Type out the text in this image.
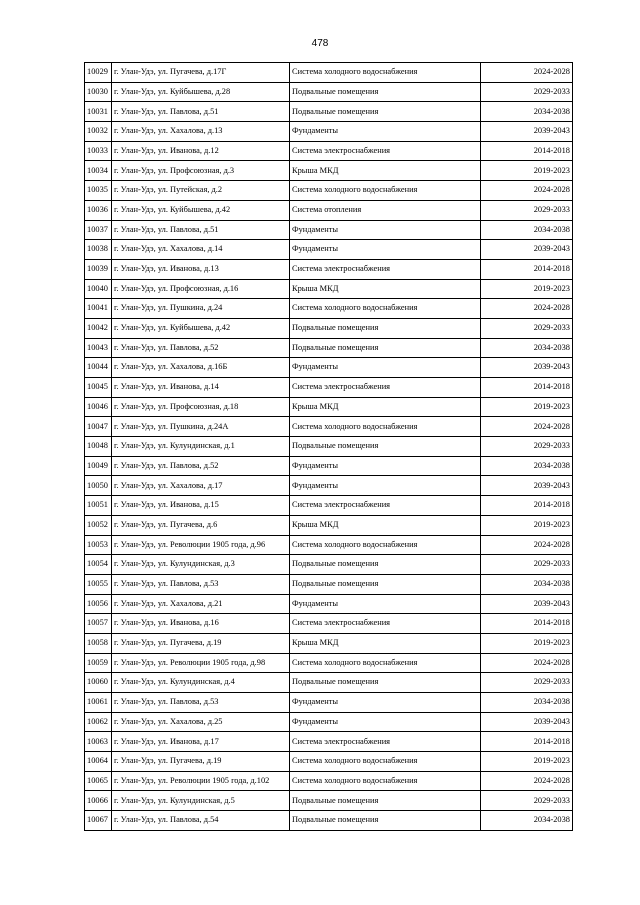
478
10029	г. Улан-Удэ, ул. Пугачева, д.17Г	Система холодного водоснабжения	2024-2028
10030	г. Улан-Удэ, ул. Куйбышева, д.28	Подвальные помещения	2029-2033
10031	г. Улан-Удэ, ул. Павлова, д.51	Подвальные помещения	2034-2038
10032	г. Улан-Удэ, ул. Хахалова, д.13	Фундаменты	2039-2043
10033	г. Улан-Удэ, ул. Иванова, д.12	Система электроснабжения	2014-2018
10034	г. Улан-Удэ, ул. Профсоюзная, д.3	Крыша МКД	2019-2023
10035	г. Улан-Удэ, ул. Путейская, д.2	Система холодного водоснабжения	2024-2028
10036	г. Улан-Удэ, ул. Куйбышева, д.42	Система отопления	2029-2033
10037	г. Улан-Удэ, ул. Павлова, д.51	Фундаменты	2034-2038
10038	г. Улан-Удэ, ул. Хахалова, д.14	Фундаменты	2039-2043
10039	г. Улан-Удэ, ул. Иванова, д.13	Система электроснабжения	2014-2018
10040	г. Улан-Удэ, ул. Профсоюзная, д.16	Крыша МКД	2019-2023
10041	г. Улан-Удэ, ул. Пушкина, д.24	Система холодного водоснабжения	2024-2028
10042	г. Улан-Удэ, ул. Куйбышева, д.42	Подвальные помещения	2029-2033
10043	г. Улан-Удэ, ул. Павлова, д.52	Подвальные помещения	2034-2038
10044	г. Улан-Удэ, ул. Хахалова, д.16Б	Фундаменты	2039-2043
10045	г. Улан-Удэ, ул. Иванова, д.14	Система электроснабжения	2014-2018
10046	г. Улан-Удэ, ул. Профсоюзная, д.18	Крыша МКД	2019-2023
10047	г. Улан-Удэ, ул. Пушкина, д.24А	Система холодного водоснабжения	2024-2028
10048	г. Улан-Удэ, ул. Кулундинская, д.1	Подвальные помещения	2029-2033
10049	г. Улан-Удэ, ул. Павлова, д.52	Фундаменты	2034-2038
10050	г. Улан-Удэ, ул. Хахалова, д.17	Фундаменты	2039-2043
10051	г. Улан-Удэ, ул. Иванова, д.15	Система электроснабжения	2014-2018
10052	г. Улан-Удэ, ул. Пугачева, д.6	Крыша МКД	2019-2023
10053	г. Улан-Удэ, ул. Революции 1905 года, д.96	Система холодного водоснабжения	2024-2028
10054	г. Улан-Удэ, ул. Кулундинская, д.3	Подвальные помещения	2029-2033
10055	г. Улан-Удэ, ул. Павлова, д.53	Подвальные помещения	2034-2038
10056	г. Улан-Удэ, ул. Хахалова, д.21	Фундаменты	2039-2043
10057	г. Улан-Удэ, ул. Иванова, д.16	Система электроснабжения	2014-2018
10058	г. Улан-Удэ, ул. Пугачева, д.19	Крыша МКД	2019-2023
10059	г. Улан-Удэ, ул. Революции 1905 года, д.98	Система холодного водоснабжения	2024-2028
10060	г. Улан-Удэ, ул. Кулундинская, д.4	Подвальные помещения	2029-2033
10061	г. Улан-Удэ, ул. Павлова, д.53	Фундаменты	2034-2038
10062	г. Улан-Удэ, ул. Хахалова, д.25	Фундаменты	2039-2043
10063	г. Улан-Удэ, ул. Иванова, д.17	Система электроснабжения	2014-2018
10064	г. Улан-Удэ, ул. Пугачева, д.19	Система холодного водоснабжения	2019-2023
10065	г. Улан-Удэ, ул. Революции 1905 года, д.102	Система холодного водоснабжения	2024-2028
10066	г. Улан-Удэ, ул. Кулундинская, д.5	Подвальные помещения	2029-2033
10067	г. Улан-Удэ, ул. Павлова, д.54	Подвальные помещения	2034-2038
